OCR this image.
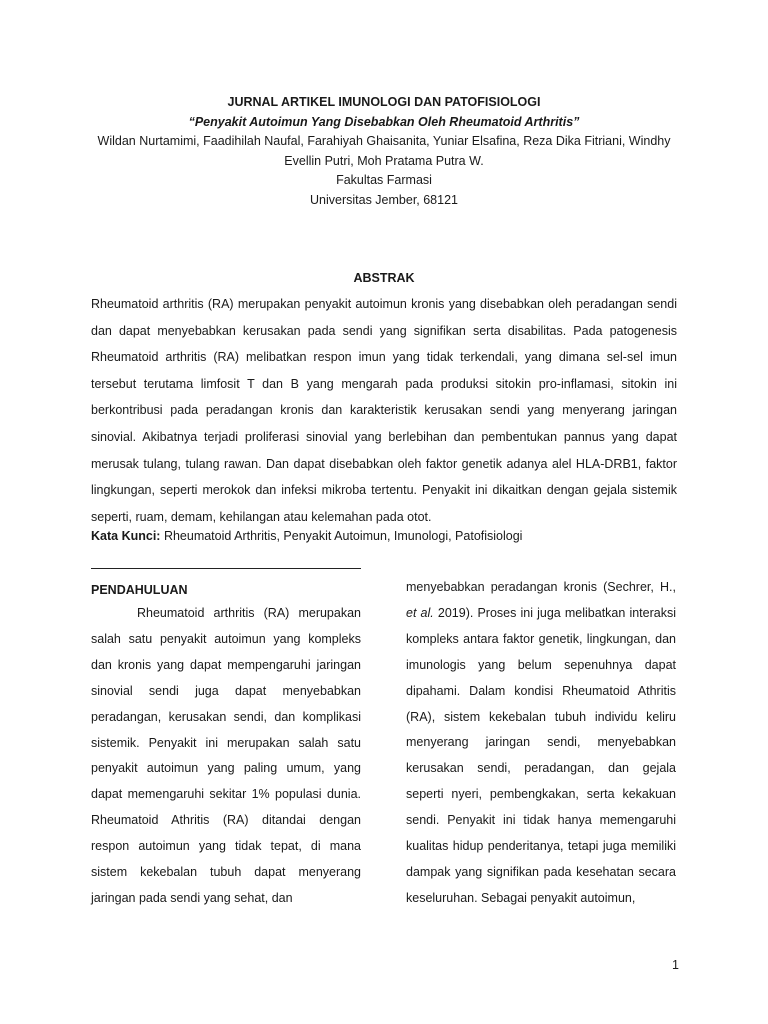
JURNAL ARTIKEL IMUNOLOGI DAN PATOFISIOLOGI
“Penyakit Autoimun Yang Disebabkan Oleh Rheumatoid Arthritis”
Wildan Nurtamimi, Faadihilah Naufal, Farahiyah Ghaisanita, Yuniar Elsafina, Reza Dika Fitriani, Windhy
Evellin Putri, Moh Pratama Putra W.
Fakultas Farmasi
Universitas Jember, 68121
ABSTRAK

Rheumatoid arthritis (RA) merupakan penyakit autoimun kronis yang disebabkan oleh peradangan sendi dan dapat menyebabkan kerusakan pada sendi yang signifikan serta disabilitas. Pada patogenesis Rheumatoid arthritis (RA) melibatkan respon imun yang tidak terkendali, yang dimana sel-sel imun tersebut terutama limfosit T dan B yang mengarah pada produksi sitokin pro-inflamasi, sitokin ini berkontribusi pada peradangan kronis dan karakteristik kerusakan sendi yang menyerang jaringan sinovial. Akibatnya terjadi proliferasi sinovial yang berlebihan dan pembentukan pannus yang dapat merusak tulang, tulang rawan. Dan dapat disebabkan oleh faktor genetik adanya alel HLA-DRB1, faktor lingkungan, seperti merokok dan infeksi mikroba tertentu. Penyakit ini dikaitkan dengan gejala sistemik seperti, ruam, demam, kehilangan atau kelemahan pada otot.

Kata Kunci: Rheumatoid Arthritis, Penyakit Autoimun, Imunologi, Patofisiologi
PENDAHULUAN

Rheumatoid arthritis (RA) merupakan salah satu penyakit autoimun yang kompleks dan kronis yang dapat mempengaruhi jaringan sinovial sendi juga dapat menyebabkan peradangan, kerusakan sendi, dan komplikasi sistemik. Penyakit ini merupakan salah satu penyakit autoimun yang paling umum, yang dapat memengaruhi sekitar 1% populasi dunia. Rheumatoid Athritis (RA) ditandai dengan respon autoimun yang tidak tepat, di mana sistem kekebalan tubuh dapat menyerang jaringan pada sendi yang sehat, dan

menyebabkan peradangan kronis (Sechrer, H., et al. 2019). Proses ini juga melibatkan interaksi kompleks antara faktor genetik, lingkungan, dan imunologis yang belum sepenuhnya dapat dipahami. Dalam kondisi Rheumatoid Athritis (RA), sistem kekebalan tubuh individu keliru menyerang jaringan sendi, menyebabkan kerusakan sendi, peradangan, dan gejala seperti nyeri, pembengkakan, serta kekakuan sendi. Penyakit ini tidak hanya memengaruhi kualitas hidup penderitanya, tetapi juga memiliki dampak yang signifikan pada kesehatan secara keseluruhan. Sebagai penyakit autoimun,

1
